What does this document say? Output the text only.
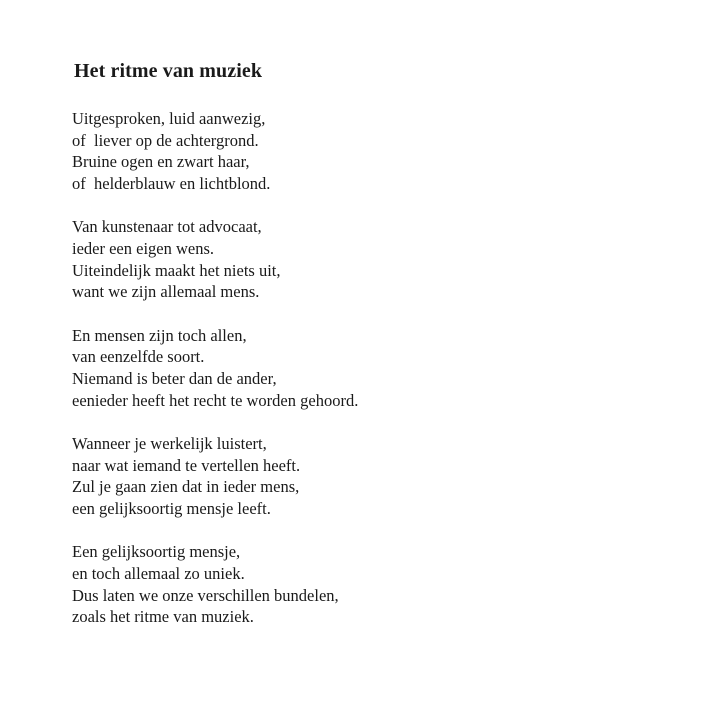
Het ritme van muziek
Uitgesproken, luid aanwezig,
of  liever op de achtergrond.
Bruine ogen en zwart haar,
of  helderblauw en lichtblond.
Van kunstenaar tot advocaat,
ieder een eigen wens.
Uiteindelijk maakt het niets uit,
want we zijn allemaal mens.
En mensen zijn toch allen,
van eenzelfde soort.
Niemand is beter dan de ander,
eenieder heeft het recht te worden gehoord.
Wanneer je werkelijk luistert,
naar wat iemand te vertellen heeft.
Zul je gaan zien dat in ieder mens,
een gelijksoortig mensje leeft.
Een gelijksoortig mensje,
en toch allemaal zo uniek.
Dus laten we onze verschillen bundelen,
zoals het ritme van muziek.
